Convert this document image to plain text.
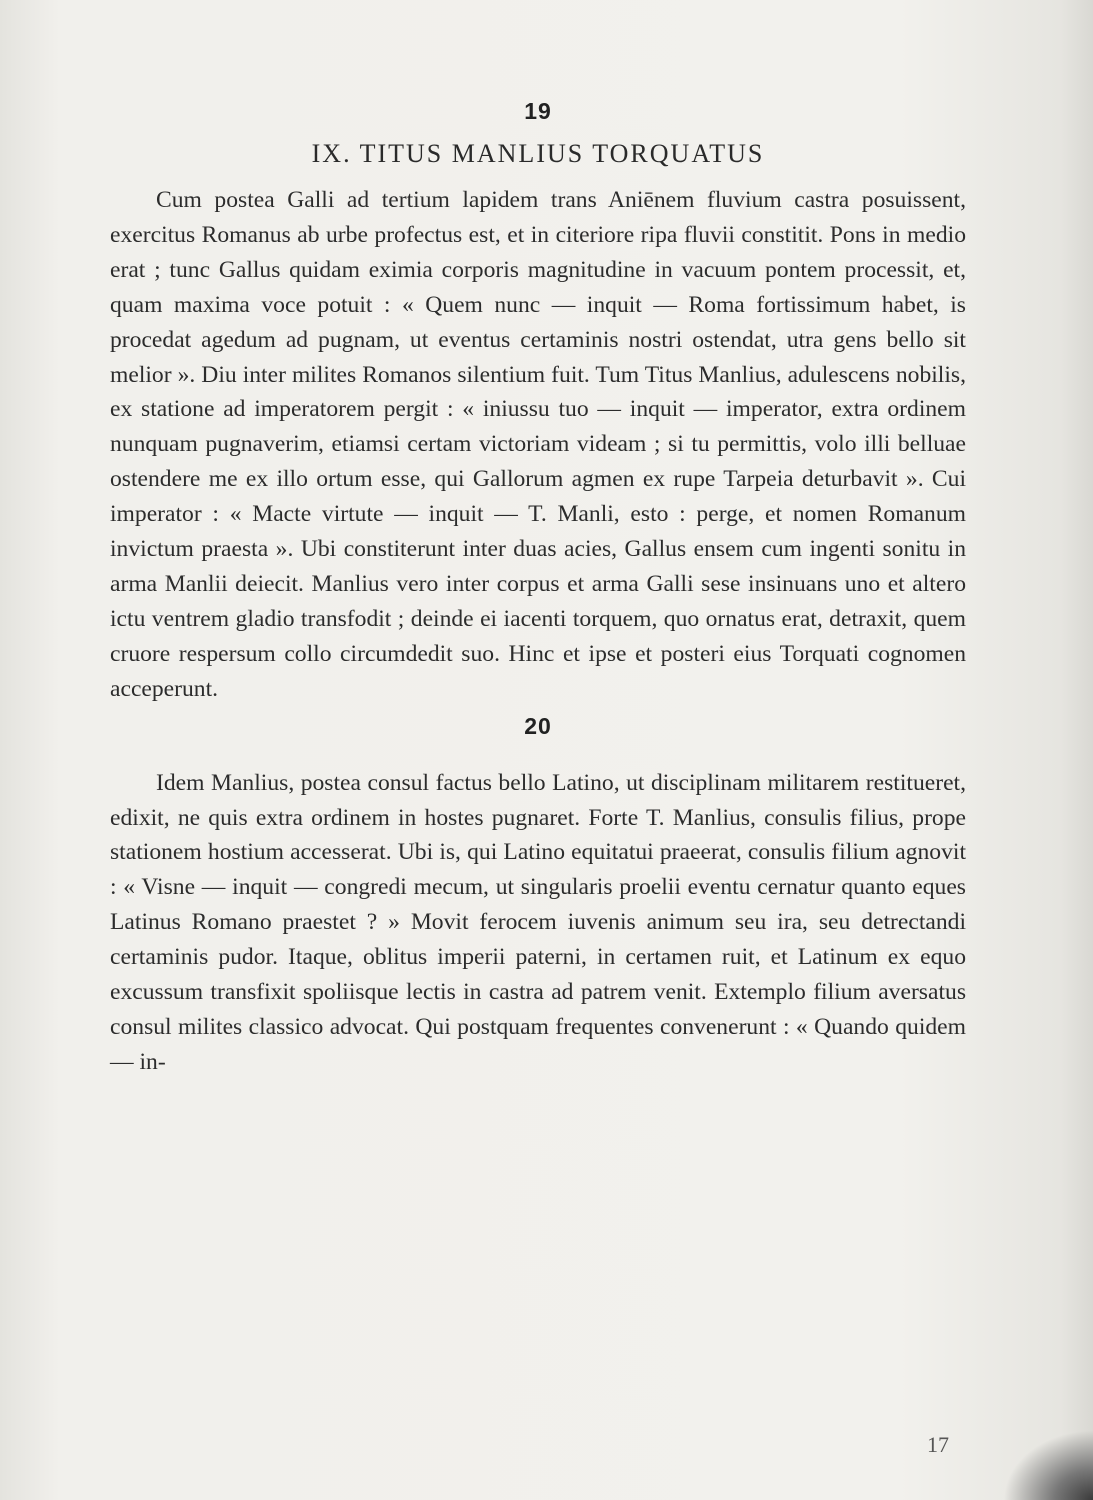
19
IX. TITUS MANLIUS TORQUATUS

Cum postea Galli ad tertium lapidem trans Aniēnem fluvium castra posuissent, exercitus Romanus ab urbe profectus est, et in citeriore ripa fluvii constitit. Pons in medio erat ; tunc Gallus quidam eximia corporis magnitudine in vacuum pontem processit, et, quam maxima voce potuit : « Quem nunc — inquit — Roma fortissimum habet, is procedat agedum ad pugnam, ut eventus certaminis nostri ostendat, utra gens bello sit melior ». Diu inter milites Romanos silentium fuit. Tum Titus Manlius, adulescens nobilis, ex statione ad imperatorem pergit : « iniussu tuo — inquit — imperator, extra ordinem nunquam pugnaverim, etiamsi certam victoriam videam ; si tu permittis, volo illi belluae ostendere me ex illo ortum esse, qui Gallorum agmen ex rupe Tarpeia deturbavit ». Cui imperator : « Macte virtute — inquit — T. Manli, esto : perge, et nomen Romanum invictum praesta ». Ubi constiterunt inter duas acies, Gallus ensem cum ingenti sonitu in arma Manlii deiecit. Manlius vero inter corpus et arma Galli sese insinuans uno et altero ictu ventrem gladio transfodit ; deinde ei iacenti torquem, quo ornatus erat, detraxit, quem cruore respersum collo circumdedit suo. Hinc et ipse et posteri eius Torquati cognomen acceperunt.

20

Idem Manlius, postea consul factus bello Latino, ut disciplinam militarem restitueret, edixit, ne quis extra ordinem in hostes pugnaret. Forte T. Manlius, consulis filius, prope stationem hostium accesserat. Ubi is, qui Latino equitatui praeerat, consulis filium agnovit : « Visne — inquit — congredi mecum, ut singularis proelii eventu cernatur quanto eques Latinus Romano praestet ? » Movit ferocem iuvenis animum seu ira, seu detrectandi certaminis pudor. Itaque, oblitus imperii paterni, in certamen ruit, et Latinum ex equo excussum transfixit spoliisque lectis in castra ad patrem venit. Extemplo filium aversatus consul milites classico advocat. Qui postquam frequentes convenerunt : « Quando quidem — in-

17
